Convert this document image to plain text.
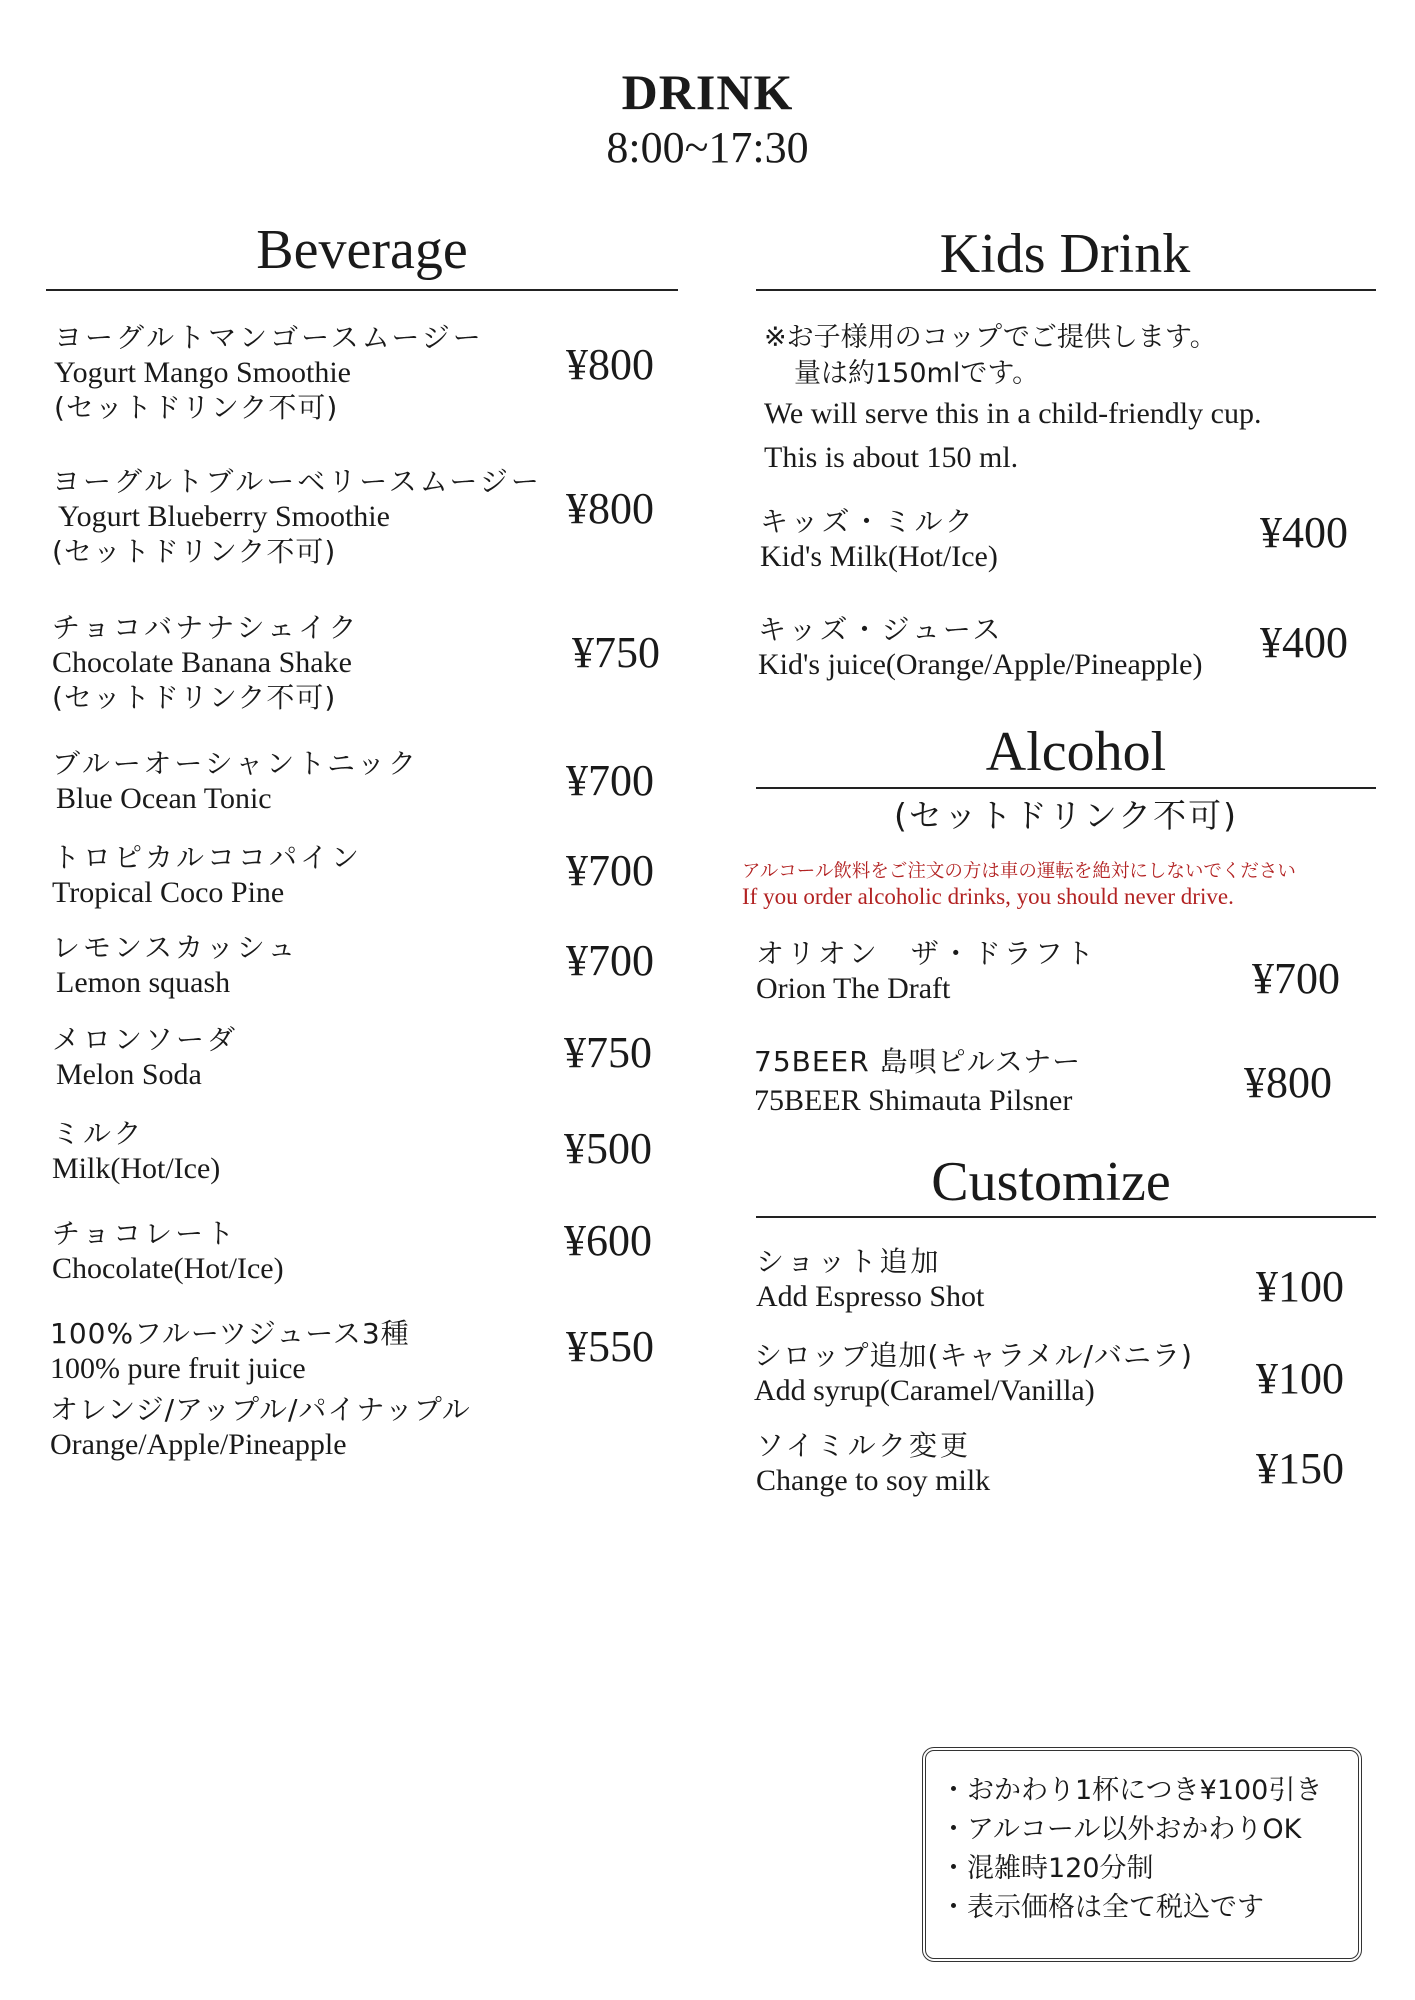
DRINK
8:00~17:30
Beverage
ヨーグルトマンゴースムージー
Yogurt Mango Smoothie
(セットドリンク不可)
¥800
ヨーグルトブルーベリースムージー
Yogurt Blueberry Smoothie
(セットドリンク不可)
¥800
チョコバナナシェイク
Chocolate Banana Shake
(セットドリンク不可)
¥750
ブルーオーシャントニック
Blue Ocean Tonic	¥700
トロピカルココパイン
Tropical Coco Pine	¥700
レモンスカッシュ
Lemon squash	¥700
メロンソーダ
Melon Soda	¥750
ミルク
Milk(Hot/Ice)	¥500
チョコレート
Chocolate(Hot/Ice)
¥600
100%フルーツジュース3種
100% pure fruit juice
オレンジ/アップル/パイナップル
Orange/Apple/Pineapple
¥550
Kids Drink
※お子様用のコップでご提供します。
量は約150mlです。
We will serve this in a child-friendly cup.
This is about 150 ml.
キッズ・ミルク
Kid's Milk(Hot/Ice)	¥400
キッズ・ジュース
Kid's juice(Orange/Apple/Pineapple) ¥400
Alcohol
(セットドリンク不可)
アルコール飲料をご注文の方は車の運転を絶対にしないでください
If you order alcoholic drinks, you should never drive.
オリオン　ザ・ドラフト
Orion The Draft	¥700
75BEER 島唄ピルスナー
75BEER Shimauta Pilsner	¥800
Customize
ショット追加
Add Espresso Shot	¥100
シロップ追加(キャラメル/バニラ)
Add syrup(Caramel/Vanilla)	¥100
ソイミルク変更
Change to soy milk	¥150
・おかわり1杯につき¥100引き
・アルコール以外おかわりOK
・混雑時120分制
・表示価格は全て税込です
